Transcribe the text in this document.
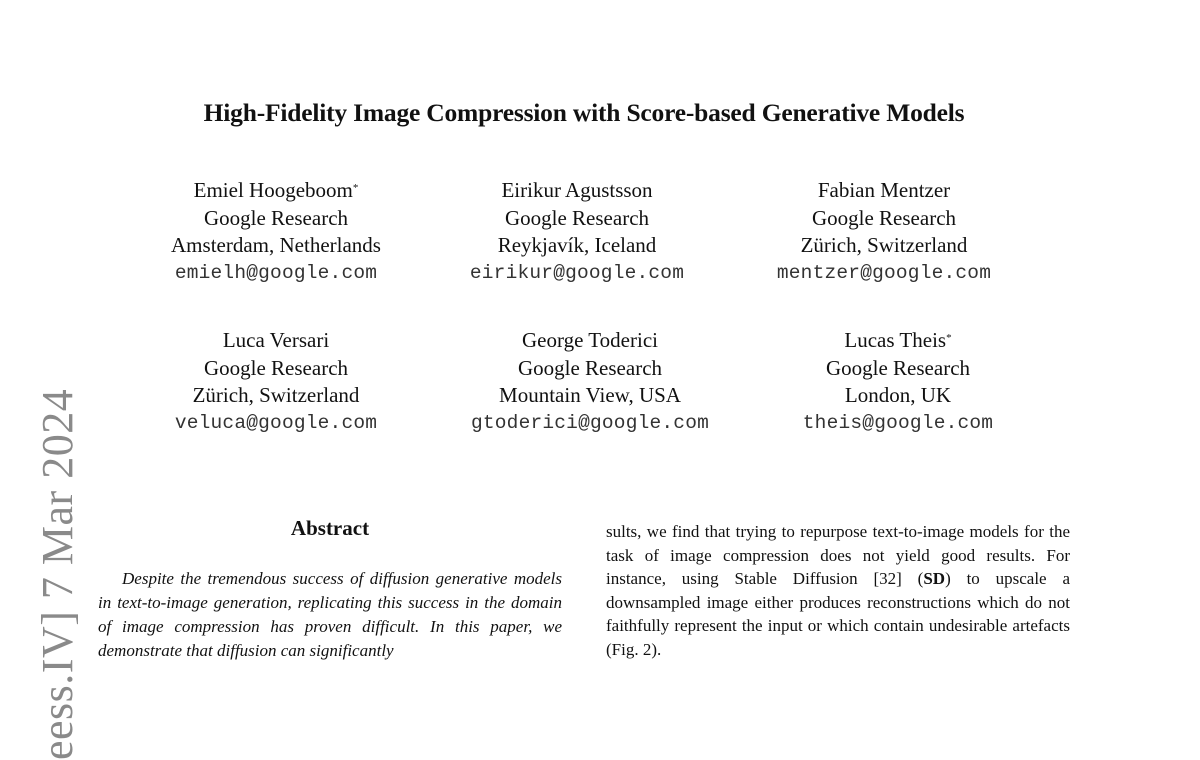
High-Fidelity Image Compression with Score-based Generative Models
Emiel Hoogeboom*
Google Research
Amsterdam, Netherlands
emielh@google.com
Eirikur Agustsson
Google Research
Reykjavík, Iceland
eirikur@google.com
Fabian Mentzer
Google Research
Zürich, Switzerland
mentzer@google.com
Luca Versari
Google Research
Zürich, Switzerland
veluca@google.com
George Toderici
Google Research
Mountain View, USA
gtoderici@google.com
Lucas Theis*
Google Research
London, UK
theis@google.com
eess.IV] 7 Mar 2024	Abstract
Despite the tremendous success of diffusion generative models in text-to-image generation, replicating this success in the domain of image compression has proven difficult. In this paper, we demonstrate that diffusion can significantly
sults, we find that trying to repurpose text-to-image models for the task of image compression does not yield good results. For instance, using Stable Diffusion [32] (SD) to upscale a downsampled image either produces reconstructions which do not faithfully represent the input or which contain undesirable artefacts (Fig. 2).
